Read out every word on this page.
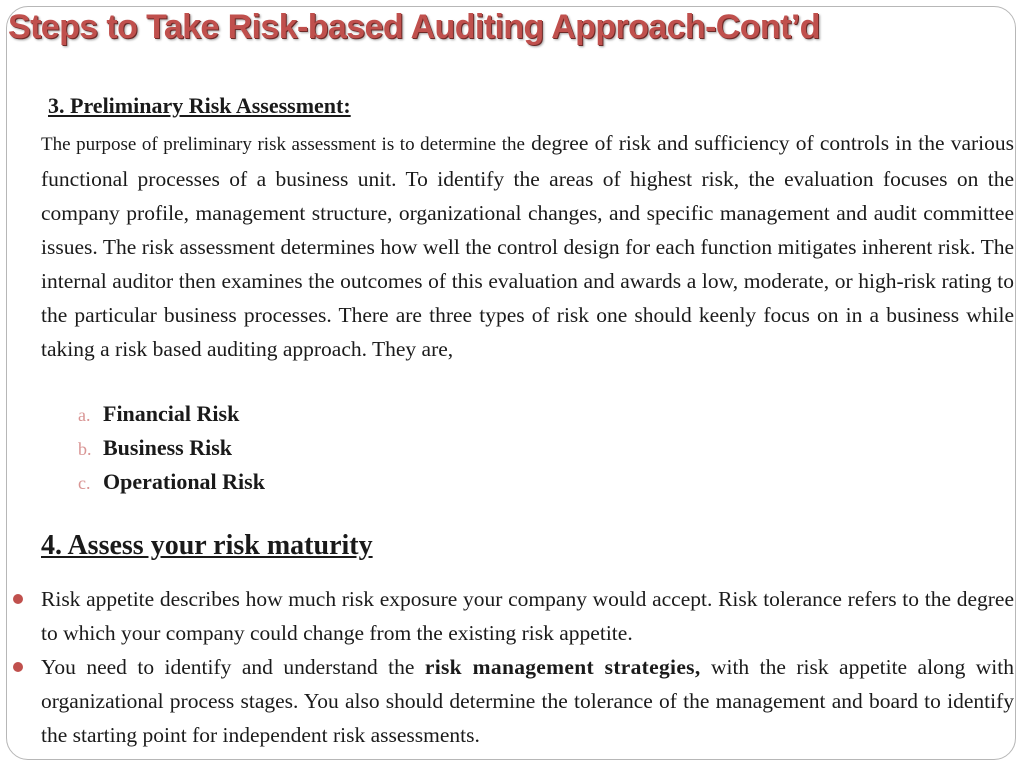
Steps to Take Risk-based Auditing Approach-Cont’d
3. Preliminary Risk Assessment:

The purpose of preliminary risk assessment is to determine the degree of risk and sufficiency of controls in the various functional processes of a business unit. To identify the areas of highest risk, the evaluation focuses on the company profile, management structure, organizational changes, and specific management and audit committee issues. The risk assessment determines how well the control design for each function mitigates inherent risk. The internal auditor then examines the outcomes of this evaluation and awards a low, moderate, or high-risk rating to the particular business processes. There are three types of risk one should keenly focus on in a business while taking a risk based auditing approach. They are,

a. Financial Risk
b. Business Risk
c. Operational Risk
4. Assess your risk maturity
Risk appetite describes how much risk exposure your company would accept. Risk tolerance refers to the degree to which your company could change from the existing risk appetite.
You need to identify and understand the risk management strategies, with the risk appetite along with organizational process stages. You also should determine the tolerance of the management and board to identify the starting point for independent risk assessments.
